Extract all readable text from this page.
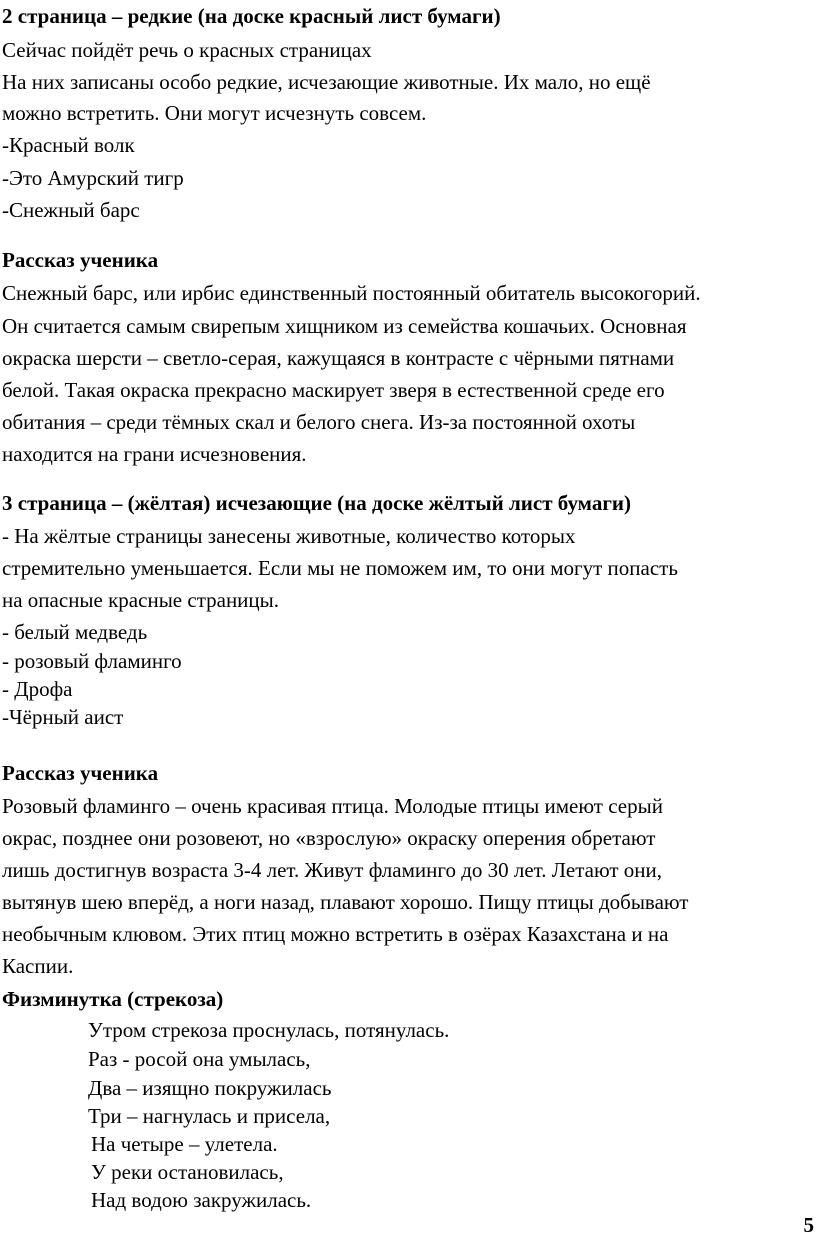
2 страница – редкие (на доске красный лист бумаги)
Сейчас пойдёт речь о красных страницах
На них записаны особо редкие, исчезающие животные. Их мало, но ещё
можно встретить. Они могут исчезнуть совсем.
-Красный волк
-Это Амурский тигр
-Снежный барс
Рассказ ученика
Снежный барс, или ирбис единственный постоянный обитатель высокогорий.
Он считается самым свирепым хищником из семейства кошачьих. Основная
окраска шерсти – светло-серая, кажущаяся в контрасте с чёрными пятнами
белой. Такая окраска прекрасно маскирует зверя в естественной среде его
обитания – среди тёмных скал и белого снега. Из-за постоянной охоты
находится на грани исчезновения.
3 страница – (жёлтая) исчезающие (на доске жёлтый лист бумаги)
- На жёлтые страницы занесены животные, количество которых
стремительно уменьшается. Если мы не поможем им, то они могут попасть
на опасные красные страницы.
- белый медведь
- розовый фламинго
- Дрофа
-Чёрный аист
Рассказ ученика
Розовый фламинго – очень красивая птица. Молодые птицы имеют серый
окрас, позднее они розовеют, но «взрослую» окраску оперения обретают
лишь достигнув возраста 3-4 лет. Живут фламинго до 30 лет. Летают они,
вытянув шею вперёд, а ноги назад, плавают хорошо. Пищу птицы добывают
необычным клювом. Этих птиц можно встретить в озёрах Казахстана и на
Каспии.
Физминутка (стрекоза)
Утром стрекоза проснулась, потянулась.
Раз - росой она умылась,
Два – изящно покружилась
Три – нагнулась и присела,
На четыре – улетела.
У реки остановилась,
Над водою закружилась.
5
